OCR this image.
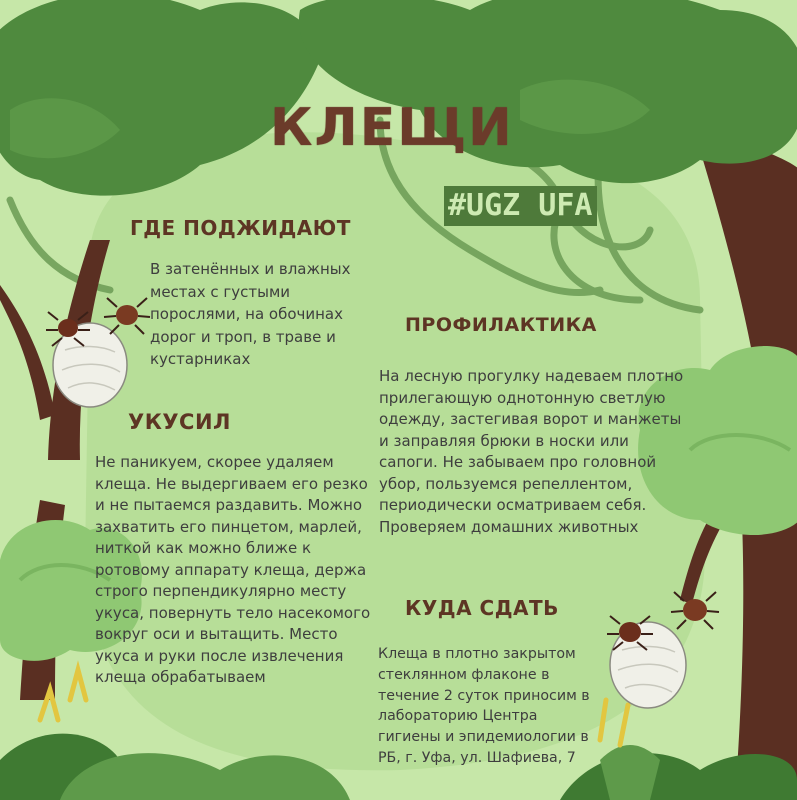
КЛЕЩИ
#UGZ UFA
ГДЕ ПОДЖИДАЮТ
В затенённых и влажных
местах с густыми
порослями, на обочинах
дорог и троп, в траве и
кустарниках
ПРОФИЛАКТИКА
На лесную прогулку надеваем плотно
прилегающую однотонную светлую
одежду, застегивая ворот и манжеты
и заправляя брюки в носки или
сапоги. Не забываем про головной
убор, пользуемся репеллентом,
периодически осматриваем себя.
Проверяем домашних животных
УКУСИЛ
Не паникуем, скорее удаляем
клеща. Не выдергиваем его резко
и не пытаемся раздавить. Можно
захватить его пинцетом, марлей,
ниткой как можно ближе к
ротовому аппарату клеща, держа
строго перпендикулярно месту
укуса, повернуть тело насекомого
вокруг оси и вытащить. Место
укуса и руки после извлечения
клеща обрабатываем
КУДА СДАТЬ
Клеща в плотно закрытом
стеклянном флаконе в
течение 2 суток приносим в
лабораторию Центра
гигиены и эпидемиологии в
РБ, г. Уфа, ул. Шафиева, 7
